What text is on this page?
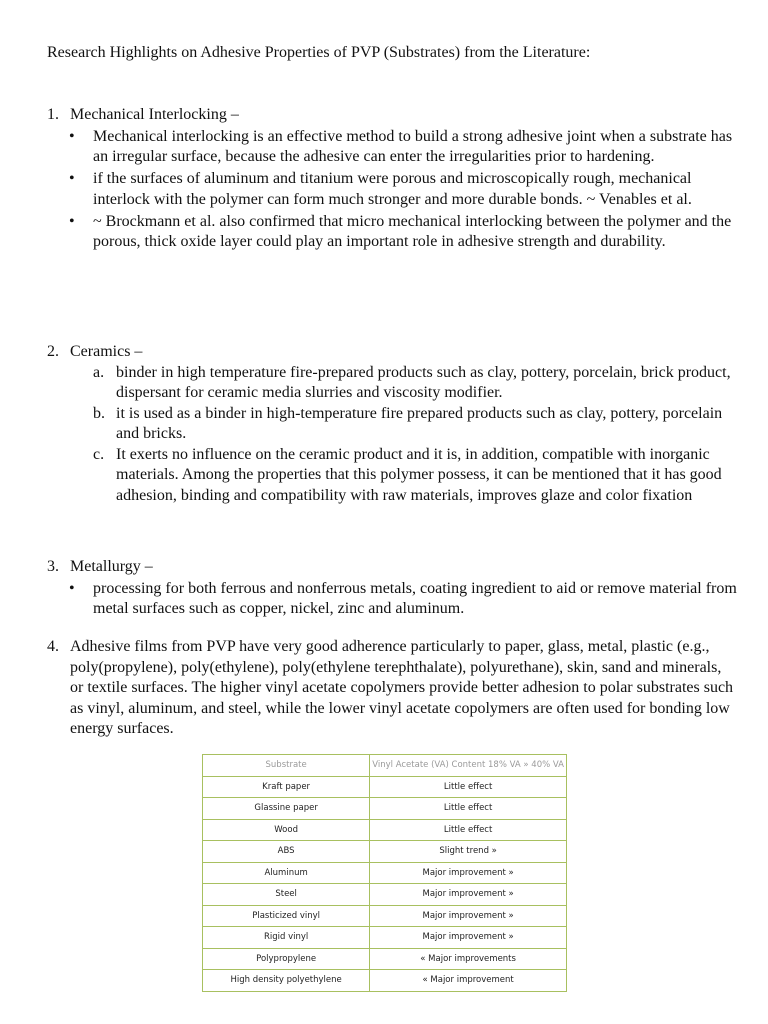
Research Highlights on Adhesive Properties of PVP (Substrates) from the Literature:
1. Mechanical Interlocking –
• Mechanical interlocking is an effective method to build a strong adhesive joint when a substrate has an irregular surface, because the adhesive can enter the irregularities prior to hardening.
• if the surfaces of aluminum and titanium were porous and microscopically rough, mechanical interlock with the polymer can form much stronger and more durable bonds. ~ Venables et al.
• ~ Brockmann et al. also confirmed that micro mechanical interlocking between the polymer and the porous, thick oxide layer could play an important role in adhesive strength and durability.
2. Ceramics –
a. binder in high temperature fire-prepared products such as clay, pottery, porcelain, brick product, dispersant for ceramic media slurries and viscosity modifier.
b. it is used as a binder in high-temperature fire prepared products such as clay, pottery, porcelain and bricks.
c. It exerts no influence on the ceramic product and it is, in addition, compatible with inorganic materials. Among the properties that this polymer possess, it can be mentioned that it has good adhesion, binding and compatibility with raw materials, improves glaze and color fixation
3. Metallurgy –
• processing for both ferrous and nonferrous metals, coating ingredient to aid or remove material from metal surfaces such as copper, nickel, zinc and aluminum.
4. Adhesive films from PVP have very good adherence particularly to paper, glass, metal, plastic (e.g., poly(propylene), poly(ethylene), poly(ethylene terephthalate), polyurethane), skin, sand and minerals, or textile surfaces. The higher vinyl acetate copolymers provide better adhesion to polar substrates such as vinyl, aluminum, and steel, while the lower vinyl acetate copolymers are often used for bonding low energy surfaces.
Substrate	Vinyl Acetate (VA) Content 18% VA » 40% VA
Kraft paper	Little effect
Glassine paper	Little effect
Wood	Little effect
ABS	Slight trend »
Aluminum	Major improvement »
Steel	Major improvement »
Plasticized vinyl	Major improvement »
Rigid vinyl	Major improvement »
Polypropylene	« Major improvements
High density polyethylene	« Major improvement
